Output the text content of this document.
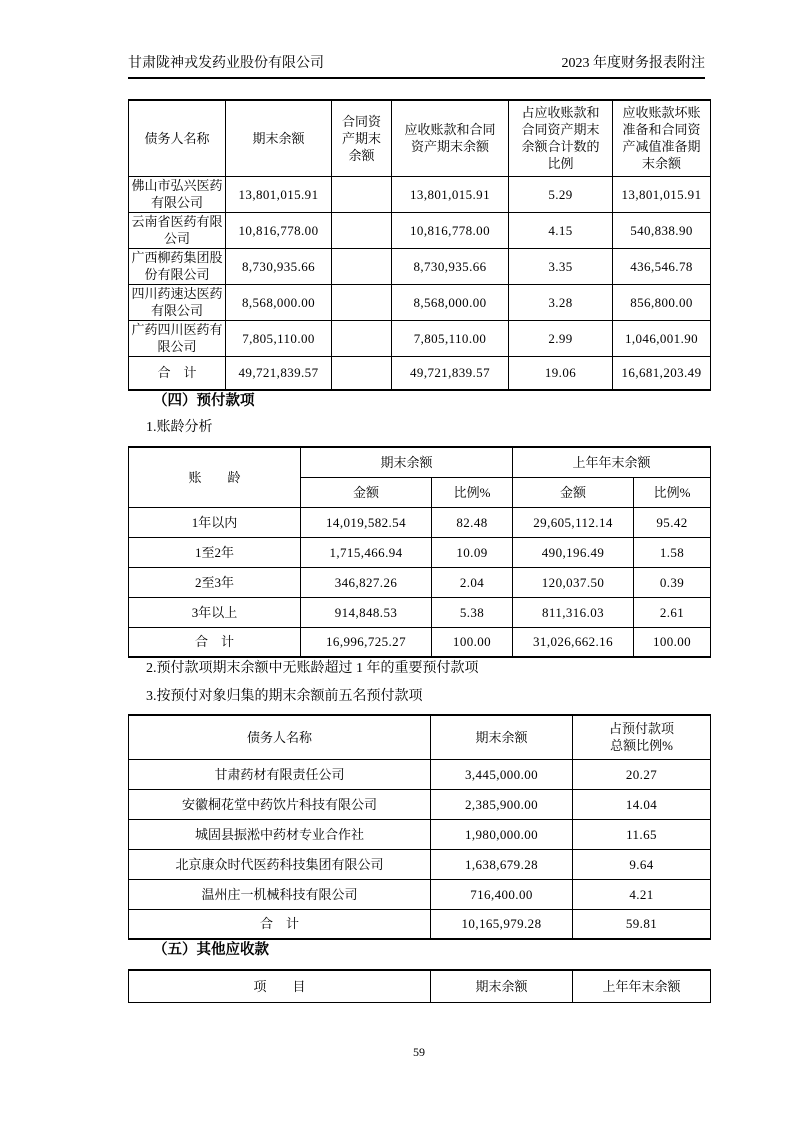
甘肃陇神戎发药业股份有限公司	2023 年度财务报表附注
债务人名称	期末余额	合同资产期末余额	应收账款和合同资产期末余额	占应收账款和合同资产期末余额合计数的比例	应收账款坏账准备和合同资产减值准备期末余额

佛山市弘兴医药有限公司	13,801,015.91		13,801,015.91	5.29	13,801,015.91
云南省医药有限公司	10,816,778.00		10,816,778.00	4.15	540,838.90
广西柳药集团股份有限公司	8,730,935.66		8,730,935.66	3.35	436,546.78
四川药速达医药有限公司	8,568,000.00		8,568,000.00	3.28	856,800.00
广药四川医药有限公司	7,805,110.00		7,805,110.00	2.99	1,046,001.90
合　计	49,721,839.57		49,721,839.57	19.06	16,681,203.49
（四）预付款项
1.账龄分析
账　　龄	期末余额		上年年末余额	
	金额	比例%	金额	比例%
1年以内	14,019,582.54	82.48	29,605,112.14	95.42
1至2年	1,715,466.94	10.09	490,196.49	1.58
2至3年	346,827.26	2.04	120,037.50	0.39
3年以上	914,848.53	5.38	811,316.03	2.61
合　计	16,996,725.27	100.00	31,026,662.16	100.00
2.预付款项期末余额中无账龄超过 1 年的重要预付款项
3.按预付对象归集的期末余额前五名预付款项
债务人名称	期末余额	占预付款项总额比例%

甘肃药材有限责任公司	3,445,000.00	20.27
安徽桐花堂中药饮片科技有限公司	2,385,900.00	14.04
城固县振淞中药材专业合作社	1,980,000.00	11.65
北京康众时代医药科技集团有限公司	1,638,679.28	9.64
温州庄一机械科技有限公司	716,400.00	4.21
合　计	10,165,979.28	59.81
（五）其他应收款
项　　目	期末余额	上年年末余额
59
